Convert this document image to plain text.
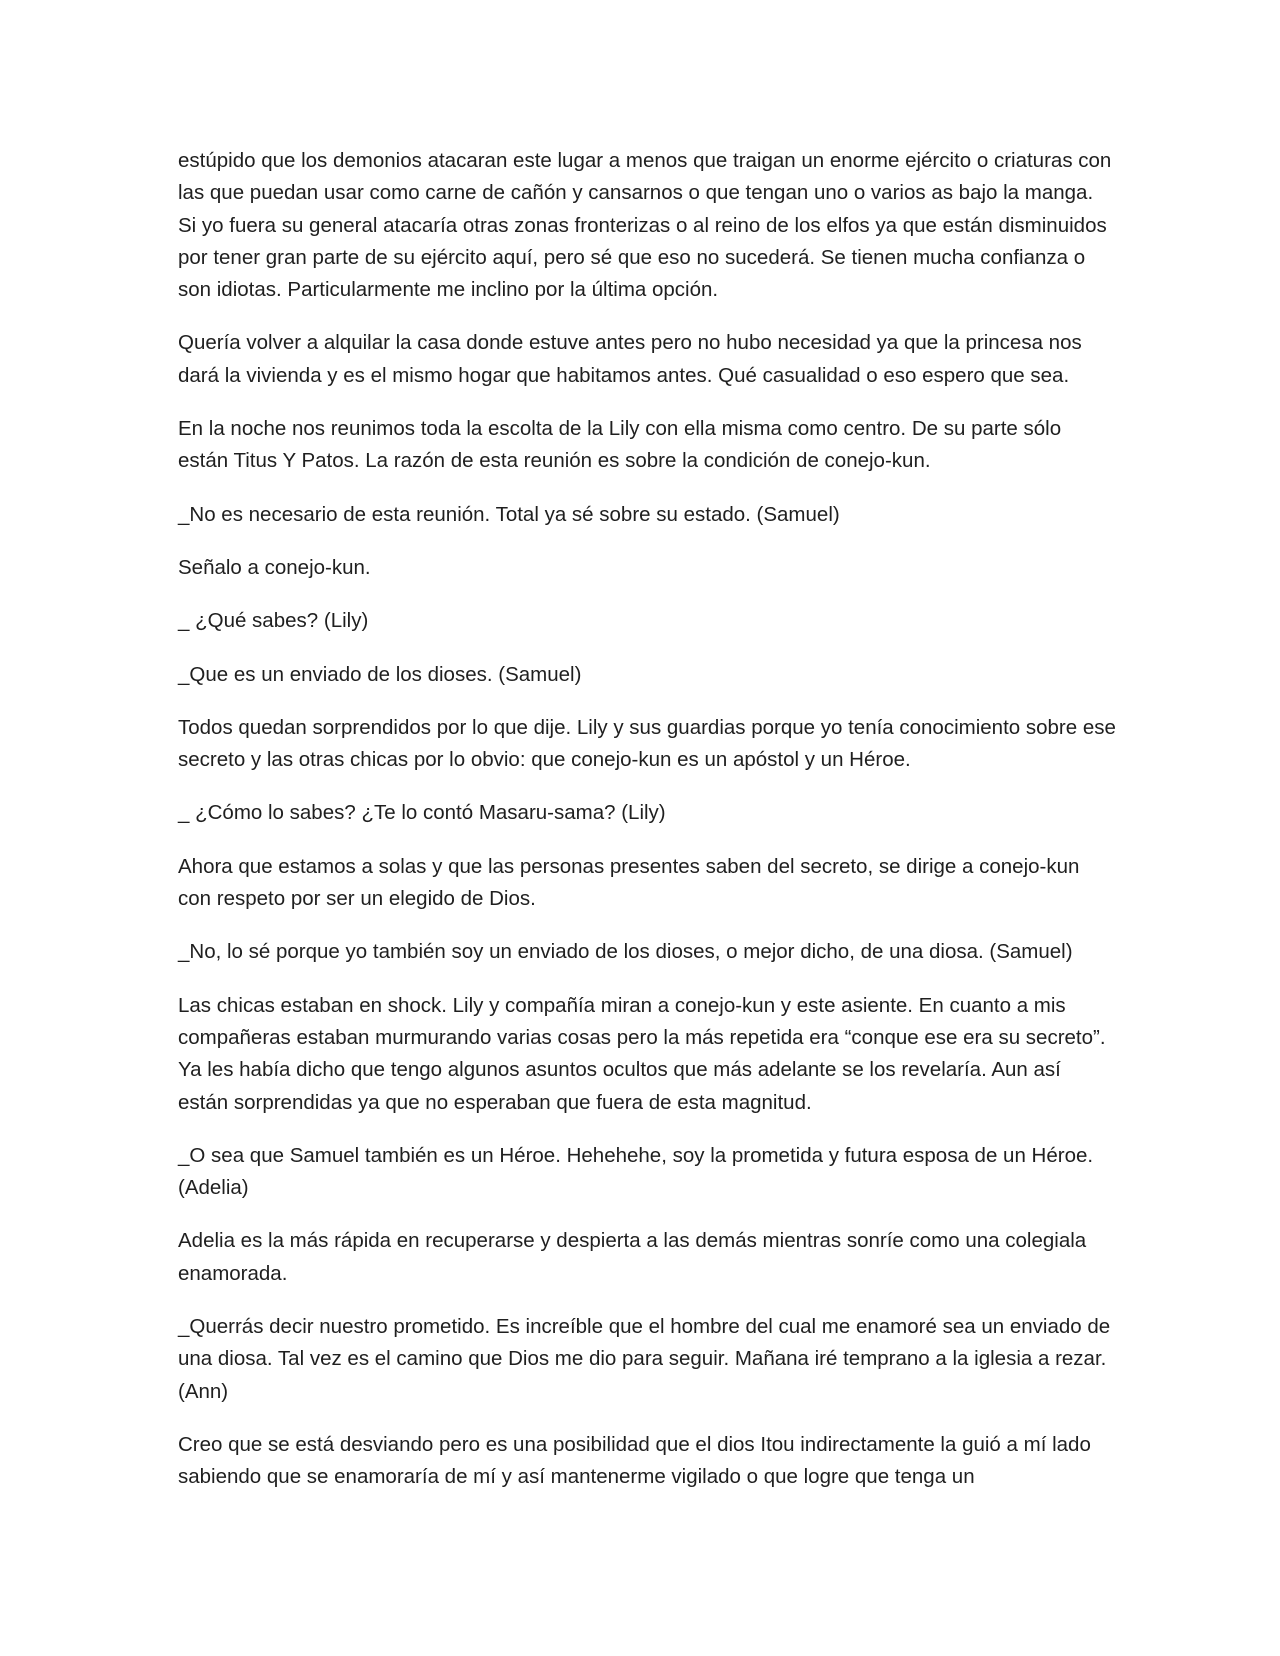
estúpido que los demonios atacaran este lugar a menos que traigan un enorme ejército o criaturas con las que puedan usar como carne de cañón y cansarnos o que tengan uno o varios as bajo la manga. Si yo fuera su general atacaría otras zonas fronterizas o al reino de los elfos ya que están disminuidos por tener gran parte de su ejército aquí, pero sé que eso no sucederá. Se tienen mucha confianza o son idiotas. Particularmente me inclino por la última opción.

Quería volver a alquilar la casa donde estuve antes pero no hubo necesidad ya que la princesa nos dará la vivienda y es el mismo hogar que habitamos antes. Qué casualidad o eso espero que sea.

En la noche nos reunimos toda la escolta de la Lily con ella misma como centro. De su parte sólo están Titus Y Patos. La razón de esta reunión es sobre la condición de conejo-kun.

_No es necesario de esta reunión. Total ya sé sobre su estado. (Samuel)

Señalo a conejo-kun.

_ ¿Qué sabes? (Lily)

_Que es un enviado de los dioses. (Samuel)

Todos quedan sorprendidos por lo que dije. Lily y sus guardias porque yo tenía conocimiento sobre ese secreto y las otras chicas por lo obvio: que conejo-kun es un apóstol y un Héroe.

_ ¿Cómo lo sabes? ¿Te lo contó Masaru-sama? (Lily)

Ahora que estamos a solas y que las personas presentes saben del secreto, se dirige a conejo-kun con respeto por ser un elegido de Dios.

_No, lo sé porque yo también soy un enviado de los dioses, o mejor dicho, de una diosa. (Samuel)

Las chicas estaban en shock. Lily y compañía miran a conejo-kun y este asiente. En cuanto a mis compañeras estaban murmurando varias cosas pero la más repetida era “conque ese era su secreto”. Ya les había dicho que tengo algunos asuntos ocultos que más adelante se los revelaría. Aun así están sorprendidas ya que no esperaban que fuera de esta magnitud.

_O sea que Samuel también es un Héroe. Hehehehe, soy la prometida y futura esposa de un Héroe. (Adelia)

Adelia es la más rápida en recuperarse y despierta a las demás mientras sonríe como una colegiala enamorada.

_Querrás decir nuestro prometido. Es increíble que el hombre del cual me enamoré sea un enviado de una diosa. Tal vez es el camino que Dios me dio para seguir. Mañana iré temprano a la iglesia a rezar. (Ann)

Creo que se está desviando pero es una posibilidad que el dios Itou indirectamente la guió a mí lado sabiendo que se enamoraría de mí y así mantenerme vigilado o que logre que tenga un
